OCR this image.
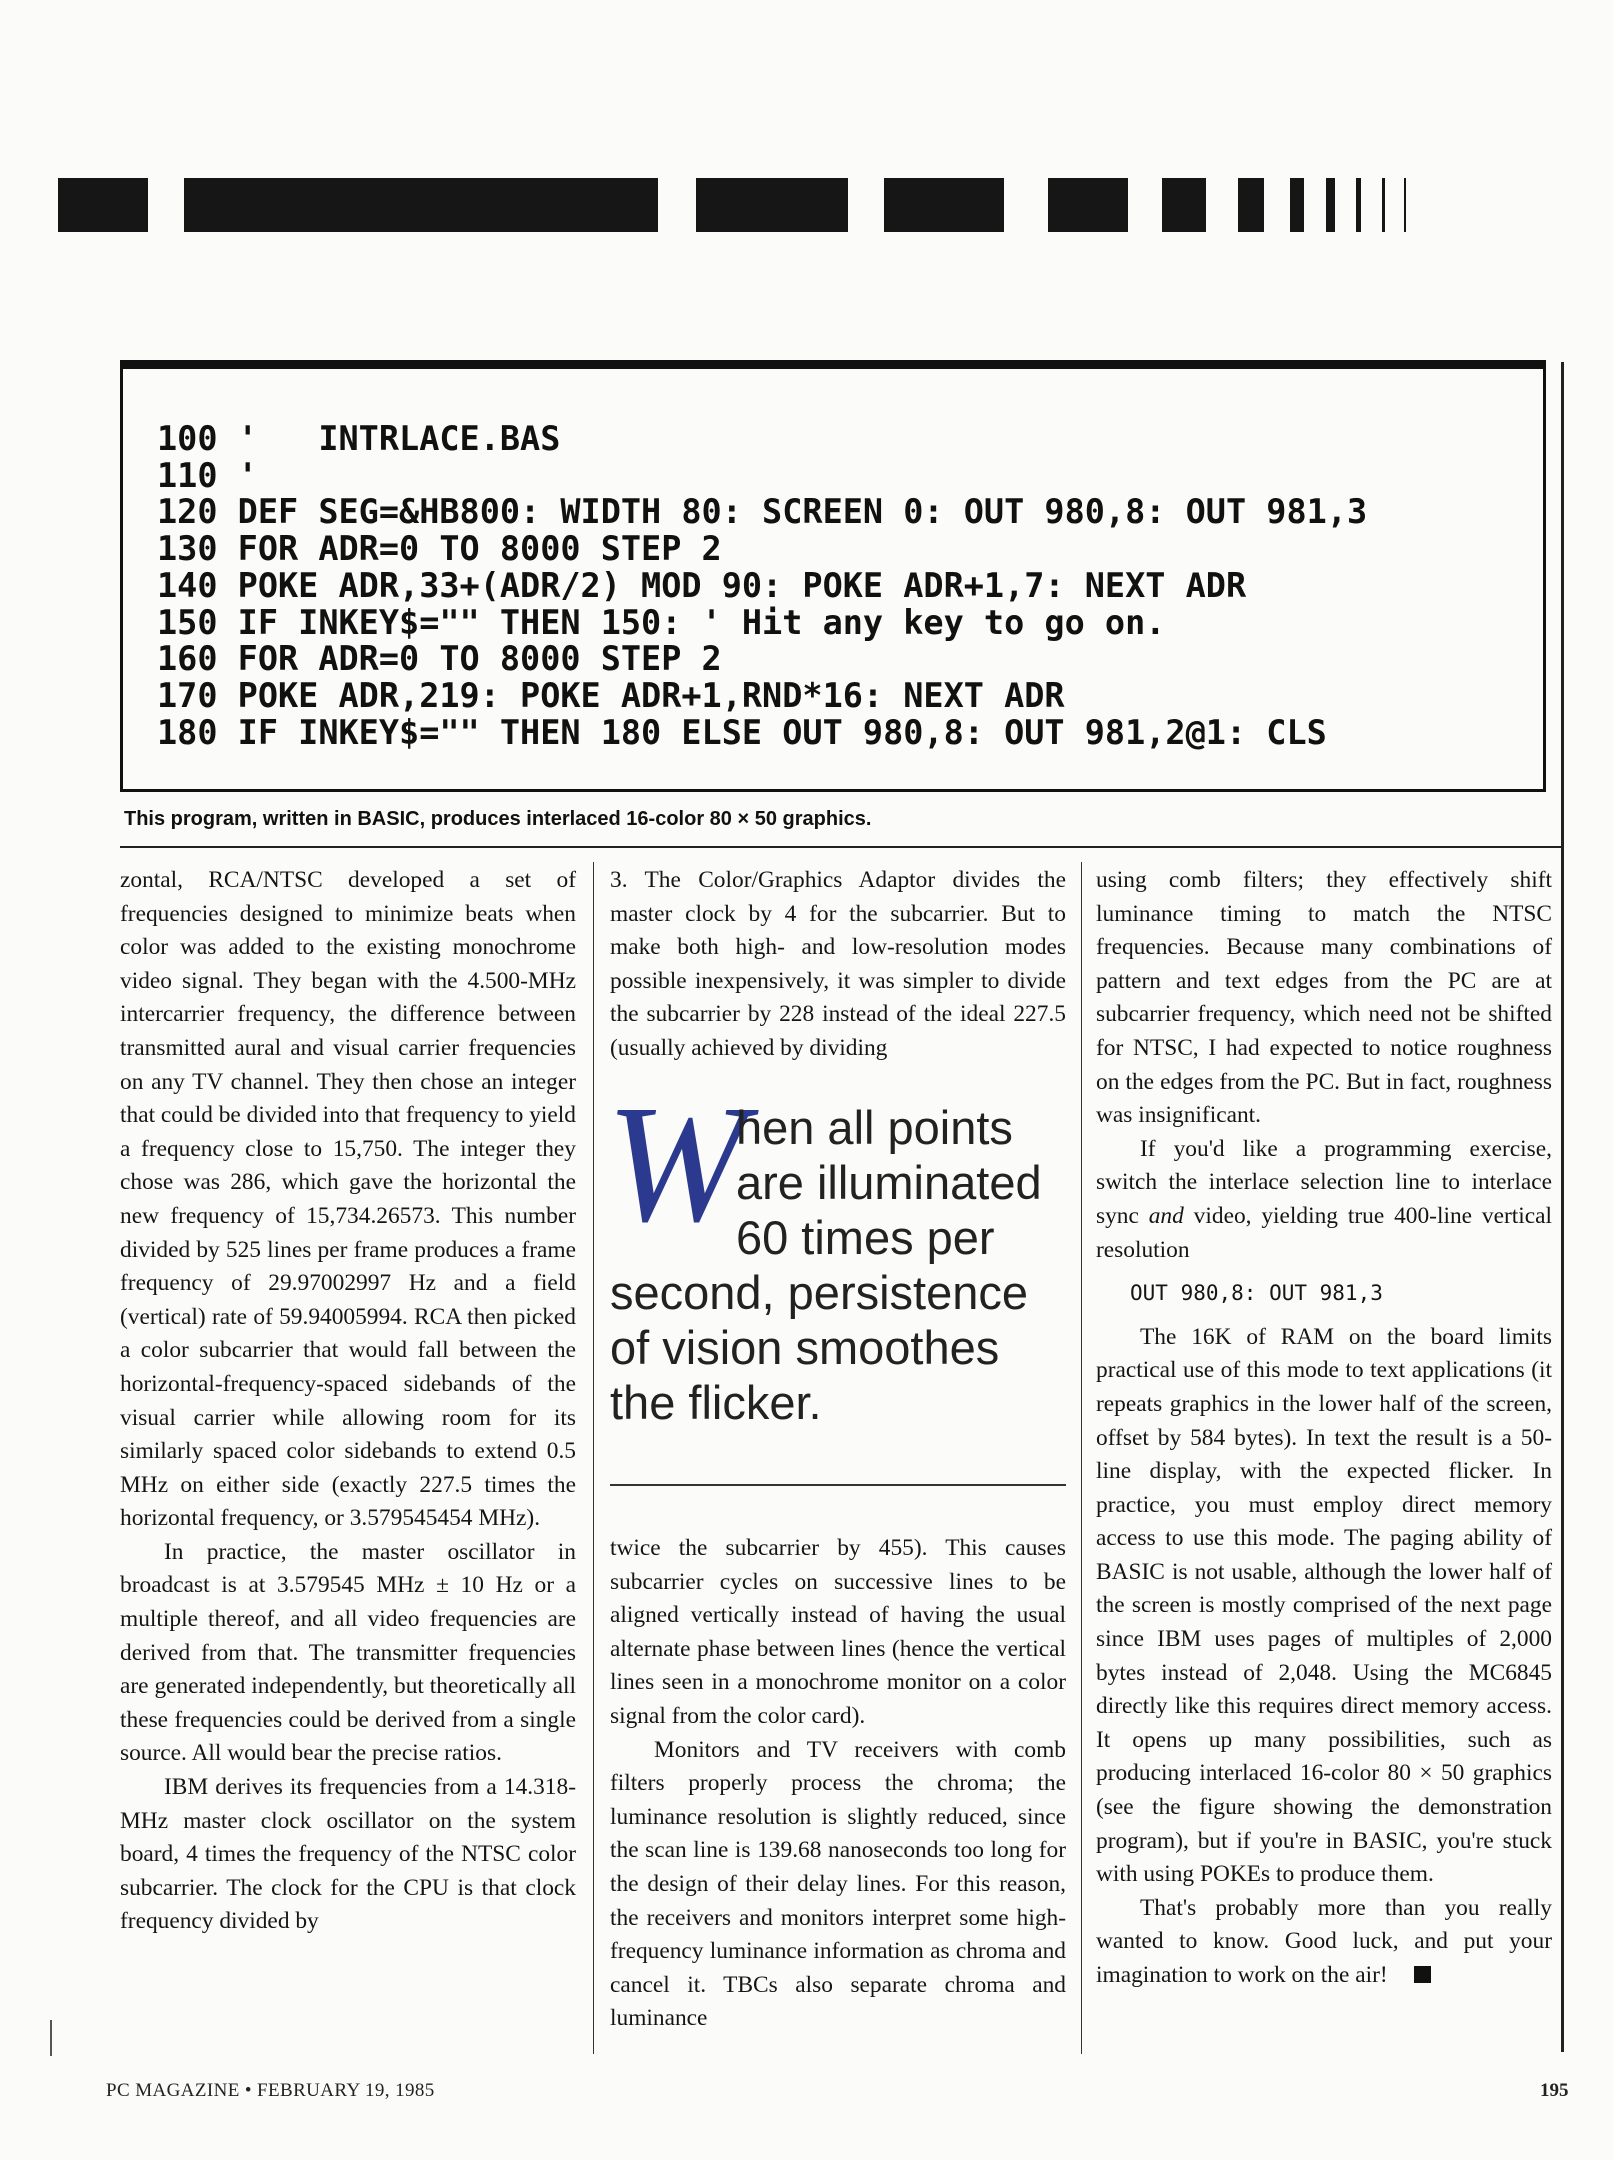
100 '   INTRLACE.BAS
110 '
120 DEF SEG=&HB800: WIDTH 80: SCREEN 0: OUT 980,8: OUT 981,3
130 FOR ADR=0 TO 8000 STEP 2
140 POKE ADR,33+(ADR/2) MOD 90: POKE ADR+1,7: NEXT ADR
150 IF INKEY$="" THEN 150: ' Hit any key to go on.
160 FOR ADR=0 TO 8000 STEP 2
170 POKE ADR,219: POKE ADR+1,RND*16: NEXT ADR
180 IF INKEY$="" THEN 180 ELSE OUT 980,8: OUT 981,2@1: CLS
This program, written in BASIC, produces interlaced 16-color 80 × 50 graphics.

zontal, RCA/NTSC developed a set of frequencies designed to minimize beats when color was added to the existing monochrome video signal. They began with the 4.500-MHz intercarrier frequency, the difference between transmitted aural and visual carrier frequencies on any TV channel. They then chose an integer that could be divided into that frequency to yield a frequency close to 15,750. The integer they chose was 286, which gave the horizontal the new frequency of 15,734.26573. This number divided by 525 lines per frame produces a frame frequency of 29.97002997 Hz and a field (vertical) rate of 59.94005994. RCA then picked a color subcarrier that would fall between the horizontal-frequency-spaced sidebands of the visual carrier while allowing room for its similarly spaced color sidebands to extend 0.5 MHz on either side (exactly 227.5 times the horizontal frequency, or 3.579545454 MHz).

In practice, the master oscillator in broadcast is at 3.579545 MHz ± 10 Hz or a multiple thereof, and all video frequencies are derived from that. The transmitter frequencies are generated independently, but theoretically all these frequencies could be derived from a single source. All would bear the precise ratios.

IBM derives its frequencies from a 14.318-MHz master clock oscillator on the system board, 4 times the frequency of the NTSC color subcarrier. The clock for the CPU is that clock frequency divided by

3. The Color/Graphics Adaptor divides the master clock by 4 for the subcarrier. But to make both high- and low-resolution modes possible inexpensively, it was simpler to divide the subcarrier by 228 instead of the ideal 227.5 (usually achieved by dividing

W
hen all points are illuminated 60 times per second, persistence of vision smoothes the flicker.

twice the subcarrier by 455). This causes subcarrier cycles on successive lines to be aligned vertically instead of having the usual alternate phase between lines (hence the vertical lines seen in a monochrome monitor on a color signal from the color card).

Monitors and TV receivers with comb filters properly process the chroma; the luminance resolution is slightly reduced, since the scan line is 139.68 nanoseconds too long for the design of their delay lines. For this reason, the receivers and monitors interpret some high-frequency luminance information as chroma and cancel it. TBCs also separate chroma and luminance

using comb filters; they effectively shift luminance timing to match the NTSC frequencies. Because many combinations of pattern and text edges from the PC are at subcarrier frequency, which need not be shifted for NTSC, I had expected to notice roughness on the edges from the PC. But in fact, roughness was insignificant.

If you'd like a programming exercise, switch the interlace selection line to interlace sync and video, yielding true 400-line vertical resolution

OUT 980,8: OUT 981,3

The 16K of RAM on the board limits practical use of this mode to text applications (it repeats graphics in the lower half of the screen, offset by 584 bytes). In text the result is a 50-line display, with the expected flicker. In practice, you must employ direct memory access to use this mode. The paging ability of BASIC is not usable, although the lower half of the screen is mostly comprised of the next page since IBM uses pages of multiples of 2,000 bytes instead of 2,048. Using the MC6845 directly like this requires direct memory access. It opens up many possibilities, such as producing interlaced 16-color 80 × 50 graphics (see the figure showing the demonstration program), but if you're in BASIC, you're stuck with using POKEs to produce them.

That's probably more than you really wanted to know. Good luck, and put your imagination to work on the air!

PC MAGAZINE • FEBRUARY 19, 1985	195
